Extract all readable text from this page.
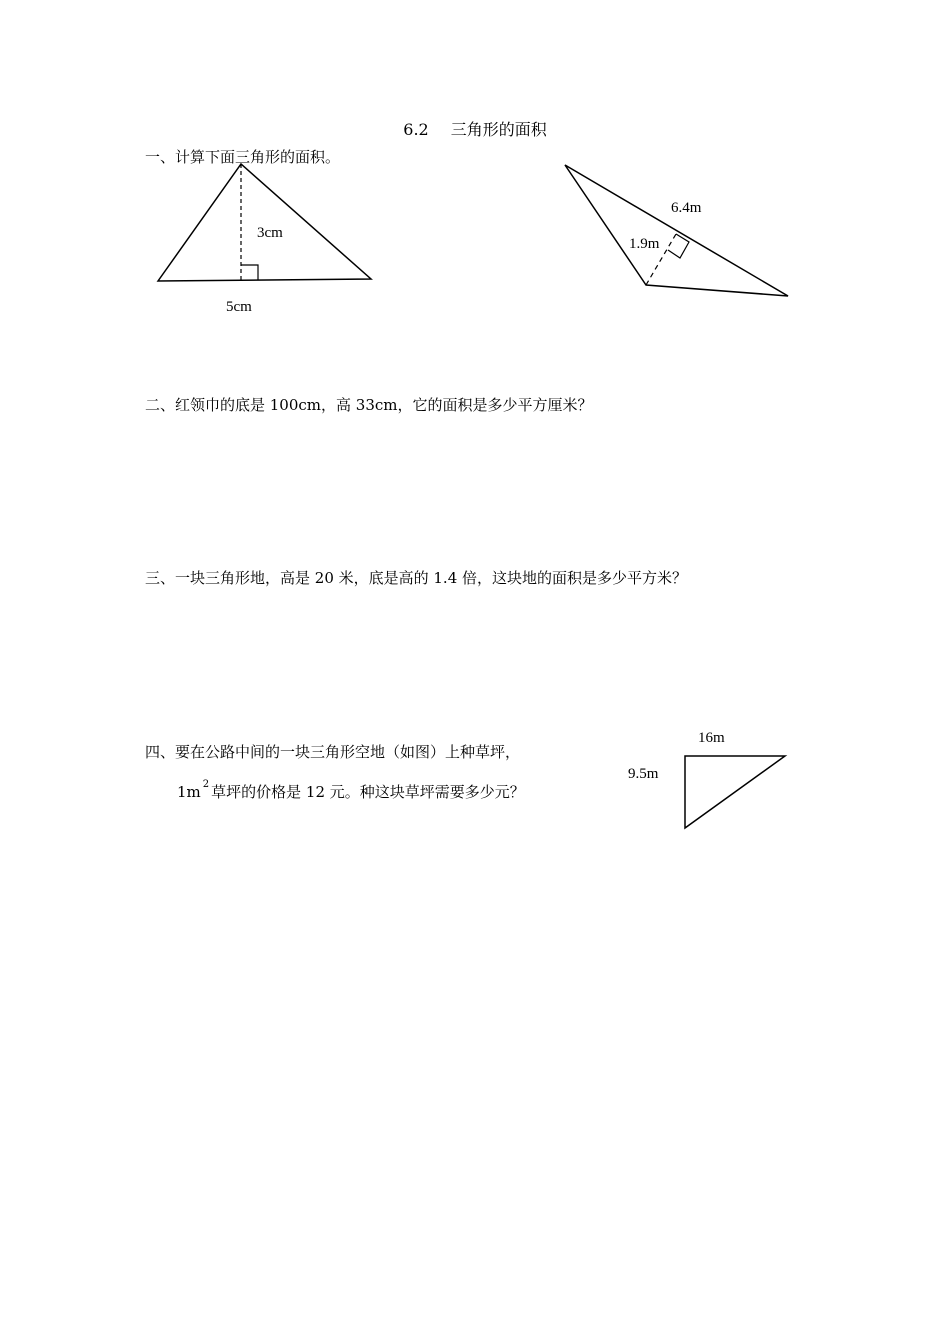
6.2 三角形的面积
一、计算下面三角形的面积。
3cm
5cm
6.4m
1.9m
二、红领巾的底是 100cm，高 33cm，它的面积是多少平方厘米？
三、一块三角形地，高是 20 米，底是高的 1.4 倍，这块地的面积是多少平方米？
四、要在公路中间的一块三角形空地（如图）上种草坪，
1m $^2$ 草坪的价格是 12 元。种这块草坪需要多少元？
16m
9.5m
